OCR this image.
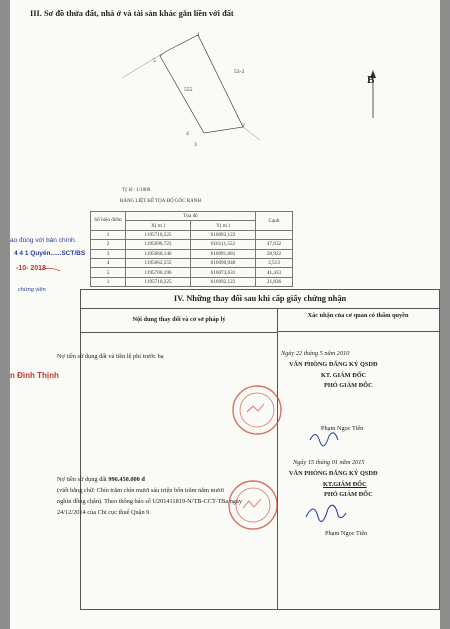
III. Sơ đồ thửa đất, nhà ở và tài sản khác gắn liền với đất
1
5
555
4
3
2
53-2
B
Tỷ lệ : 1/1000
BẢNG LIỆT KÊ TỌA ĐỘ GÓC RANH
Số hiệu điểm	Tọa độ		Cạnh
	X( m )	Y( m )	
1	1195710,225	616092,122	
2	1195696,723	616111,552	47,632
3	1195660,146	616091,681	20,922
4	1195662,555	616090,948	2,513
5	1195700,196	616073,631	41,433
1	1195710,225	616092,122	21,836
ao đúng với bản chính.
4 4 1 Quyển......SCT/BS
-10- 2018
chứng viên
n Đình Thịnh
IV. Những thay đổi sau khi cấp giấy chứng nhận
Nội dung thay đổi và cơ sở pháp lý
Xác nhận của cơ quan có thẩm quyền
Nợ tiền sử dụng đất và tiền lệ phí trước bạ	Ngày 22 tháng 5 năm 2010
VĂN PHÒNG ĐĂNG KÝ QSDĐ
KT. GIÁM ĐỐC
PHÓ GIÁM ĐỐC
Phạm Ngọc Tiên
Nợ tiền sử dụng đất 996.450.000 đ
(viết bằng chữ: Chín trăm chín mươi sáu triệu bốn trăm năm mươi
nghìn đồng chẵn). Theo thông báo số U201411819-N/TB-CCT-TBa ngày
24/12/2014 của Chi cục thuế Quận 9.
Ngày 15 tháng 01 năm 2015
VĂN PHÒNG ĐĂNG KÝ QSDĐ
KT.GIÁM ĐỐC
PHÓ GIÁM ĐỐC
Phạm Ngọc Tiên
